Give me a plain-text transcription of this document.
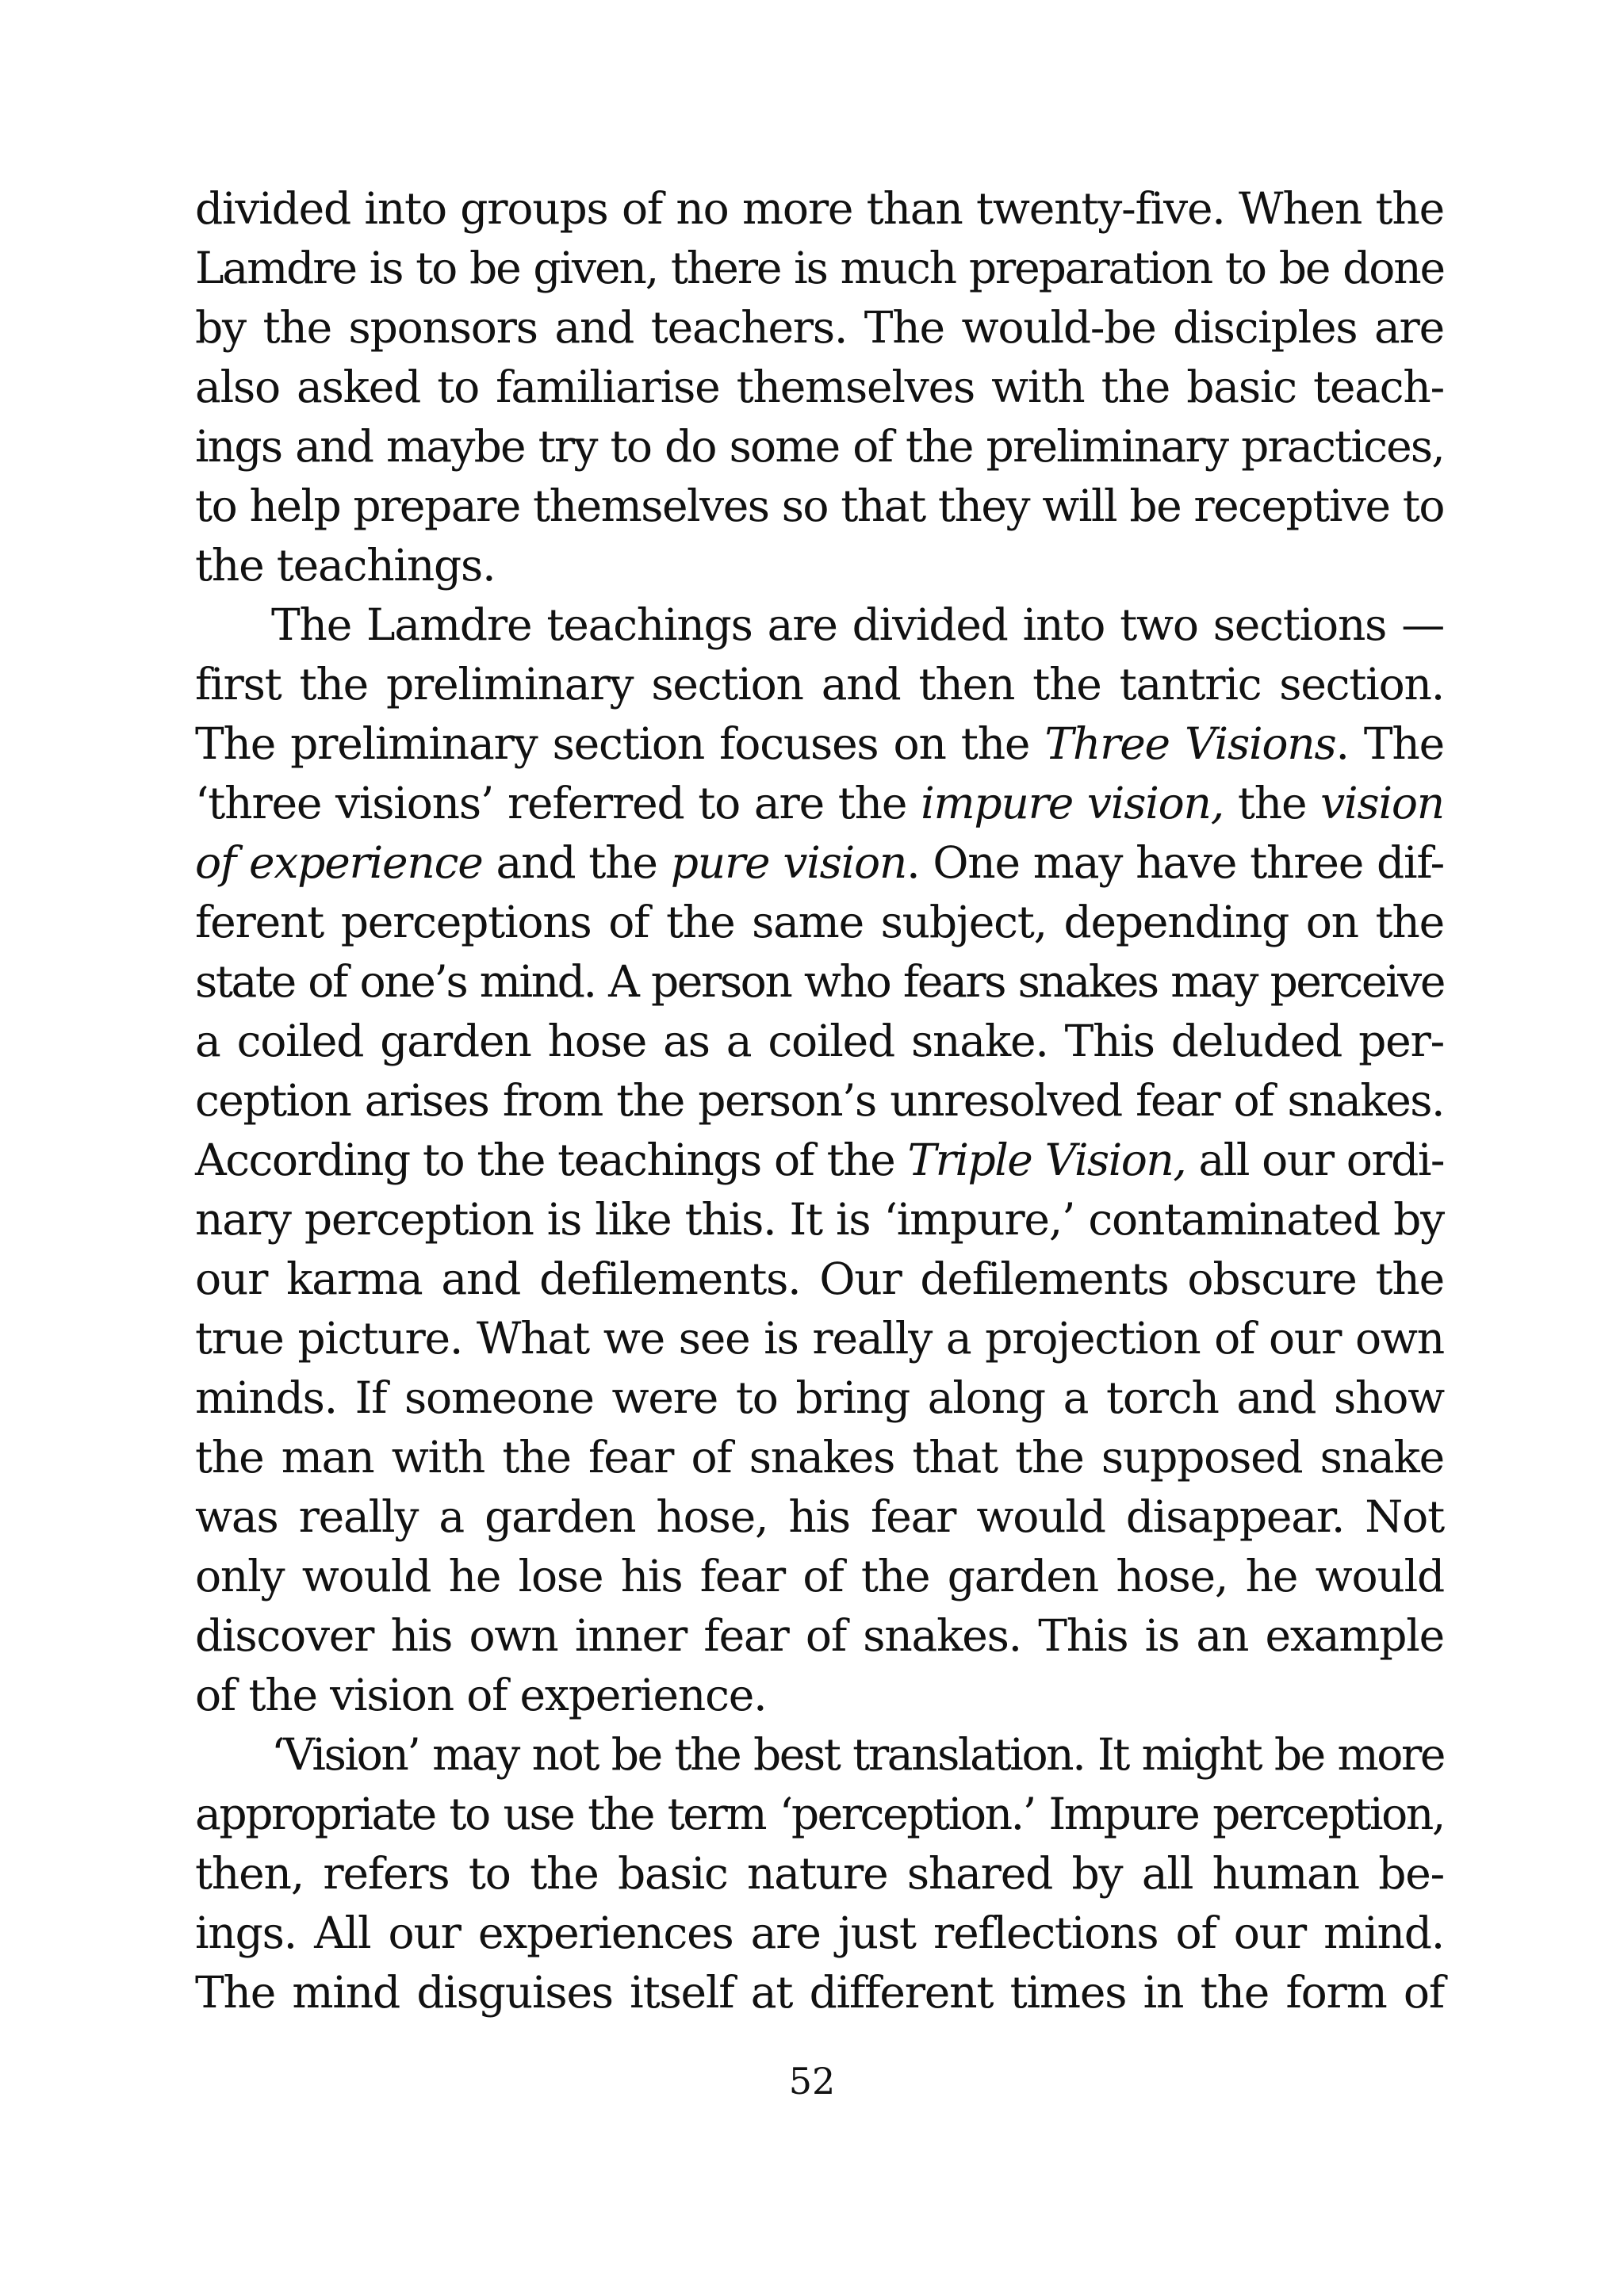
divided into groups of no more than twenty-five. When the
Lamdre is to be given, there is much preparation to be done
by the sponsors and teachers. The would-be disciples are
also asked to familiarise themselves with the basic teach-
ings and maybe try to do some of the preliminary practices,
to help prepare themselves so that they will be receptive to
the teachings.
The Lamdre teachings are divided into two sections —
first the preliminary section and then the tantric section.
The preliminary section focuses on the Three Visions. The
‘three visions’ referred to are the impure vision, the vision
of experience and the pure vision. One may have three dif-
ferent perceptions of the same subject, depending on the
state of one’s mind. A person who fears snakes may perceive
a coiled garden hose as a coiled snake. This deluded per-
ception arises from the person’s unresolved fear of snakes.
According to the teachings of the Triple Vision, all our ordi-
nary perception is like this. It is ‘impure,’ contaminated by
our karma and defilements. Our defilements obscure the
true picture. What we see is really a projection of our own
minds. If someone were to bring along a torch and show
the man with the fear of snakes that the supposed snake
was really a garden hose, his fear would disappear. Not
only would he lose his fear of the garden hose, he would
discover his own inner fear of snakes. This is an example
of the vision of experience.
‘Vision’ may not be the best translation. It might be more
appropriate to use the term ‘perception.’ Impure perception,
then, refers to the basic nature shared by all human be-
ings. All our experiences are just reflections of our mind.
The mind disguises itself at different times in the form of
52
